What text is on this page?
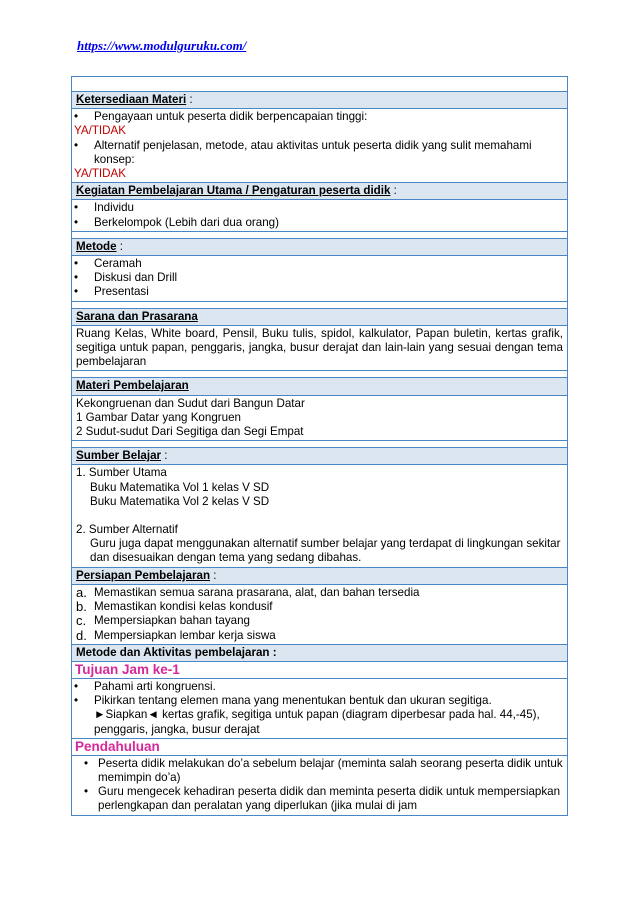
https://www.modulguruku.com/
Ketersediaan Materi :
• Pengayaan untuk peserta didik berpencapaian tinggi:
YA/TIDAK
• Alternatif penjelasan, metode, atau aktivitas untuk peserta didik yang sulit memahami konsep:
YA/TIDAK
Kegiatan Pembelajaran Utama / Pengaturan peserta didik :
• Individu
• Berkelompok (Lebih dari dua orang)
Metode :
• Ceramah
• Diskusi dan Drill
• Presentasi
Sarana dan Prasarana
Ruang Kelas, White board, Pensil, Buku tulis, spidol, kalkulator, Papan buletin, kertas grafik, segitiga untuk papan, penggaris, jangka, busur derajat dan lain-lain yang sesuai dengan tema pembelajaran
Materi Pembelajaran
Kekongruenan dan Sudut dari Bangun Datar
1 Gambar Datar yang Kongruen
2 Sudut-sudut Dari Segitiga dan Segi Empat
Sumber Belajar :
1. Sumber Utama
Buku Matematika Vol 1 kelas V SD
Buku Matematika Vol 2 kelas V SD
2. Sumber Alternatif
Guru juga dapat menggunakan alternatif sumber belajar yang terdapat di lingkungan sekitar dan disesuaikan dengan tema yang sedang dibahas.
Persiapan Pembelajaran :
a. Memastikan semua sarana prasarana, alat, dan bahan tersedia
b. Memastikan kondisi kelas kondusif
c. Mempersiapkan bahan tayang
d. Mempersiapkan lembar kerja siswa
Metode dan Aktivitas pembelajaran :
Tujuan Jam ke-1
• Pahami arti kongruensi.
• Pikirkan tentang elemen mana yang menentukan bentuk dan ukuran segitiga.
►Siapkan◄ kertas grafik, segitiga untuk papan (diagram diperbesar pada hal. 44,-45), penggaris, jangka, busur derajat
Pendahuluan
• Peserta didik melakukan do’a sebelum belajar (meminta salah seorang peserta didik untuk memimpin do’a)
• Guru mengecek kehadiran peserta didik dan meminta peserta didik untuk mempersiapkan perlengkapan dan peralatan yang diperlukan (jika mulai di jam
